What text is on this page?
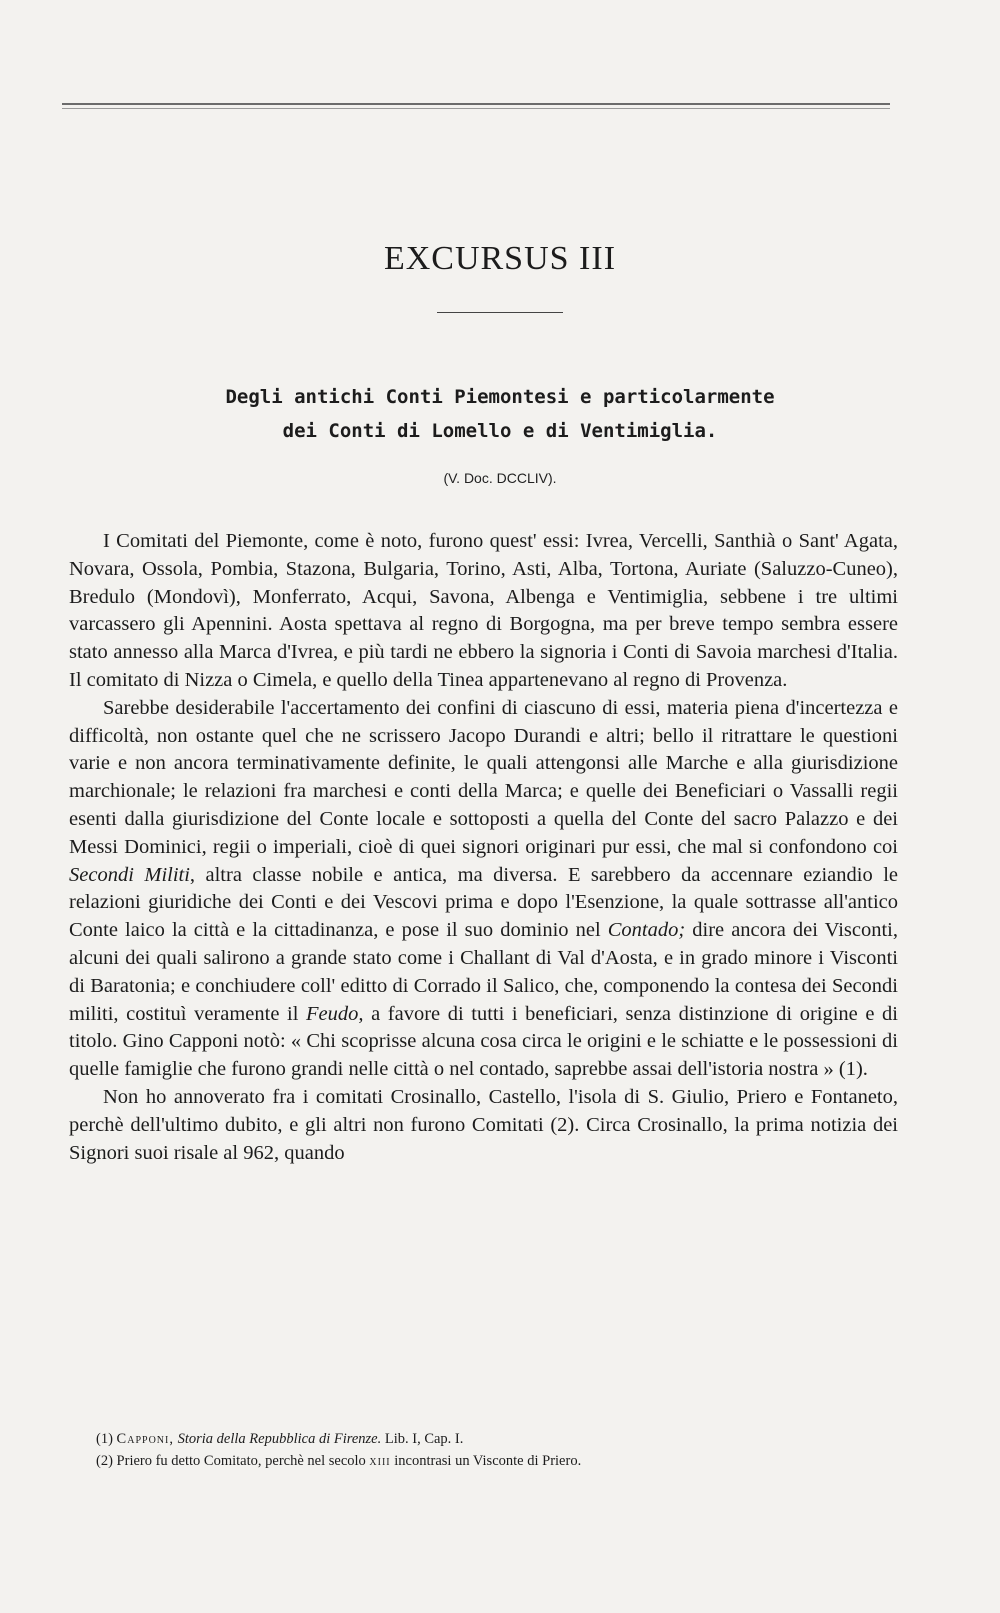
EXCURSUS III
Degli antichi Conti Piemontesi e particolarmente
dei Conti di Lomello e di Ventimiglia.
(V. Doc. DCCLIV).

I Comitati del Piemonte, come è noto, furono quest' essi: Ivrea, Vercelli, Santhià o Sant' Agata, Novara, Ossola, Pombia, Stazona, Bulgaria, Torino, Asti, Alba, Tortona, Auriate (Saluzzo-Cuneo), Bredulo (Mondovì), Monferrato, Acqui, Savona, Albenga e Ventimiglia, sebbene i tre ultimi varcassero gli Apennini. Aosta spettava al regno di Borgogna, ma per breve tempo sembra essere stato annesso alla Marca d'Ivrea, e più tardi ne ebbero la signoria i Conti di Savoia marchesi d'Italia. Il comitato di Nizza o Cimela, e quello della Tinea appartenevano al regno di Provenza.

Sarebbe desiderabile l'accertamento dei confini di ciascuno di essi, materia piena d'incertezza e difficoltà, non ostante quel che ne scrissero Jacopo Durandi e altri; bello il ritrattare le questioni varie e non ancora terminativamente definite, le quali attengonsi alle Marche e alla giurisdizione marchionale; le relazioni fra marchesi e conti della Marca; e quelle dei Beneficiari o Vassalli regii esenti dalla giurisdizione del Conte locale e sottoposti a quella del Conte del sacro Palazzo e dei Messi Dominici, regii o imperiali, cioè di quei signori originari pur essi, che mal si confondono coi Secondi Militi, altra classe nobile e antica, ma diversa. E sarebbero da accennare eziandio le relazioni giuridiche dei Conti e dei Vescovi prima e dopo l'Esenzione, la quale sottrasse all'antico Conte laico la città e la cittadinanza, e pose il suo dominio nel Contado; dire ancora dei Visconti, alcuni dei quali salirono a grande stato come i Challant di Val d'Aosta, e in grado minore i Visconti di Baratonia; e conchiudere coll' editto di Corrado il Salico, che, componendo la contesa dei Secondi militi, costituì veramente il Feudo, a favore di tutti i beneficiari, senza distinzione di origine e di titolo. Gino Capponi notò: « Chi scoprisse alcuna cosa circa le origini e le schiatte e le possessioni di quelle famiglie che furono grandi nelle città o nel contado, saprebbe assai dell'istoria nostra » (1).

Non ho annoverato fra i comitati Crosinallo, Castello, l'isola di S. Giulio, Priero e Fontaneto, perchè dell'ultimo dubito, e gli altri non furono Comitati (2). Circa Crosinallo, la prima notizia dei Signori suoi risale al 962, quando

(1) Capponi, Storia della Repubblica di Firenze. Lib. I, Cap. I.
(2) Priero fu detto Comitato, perchè nel secolo xiii incontrasi un Visconte di Priero.
